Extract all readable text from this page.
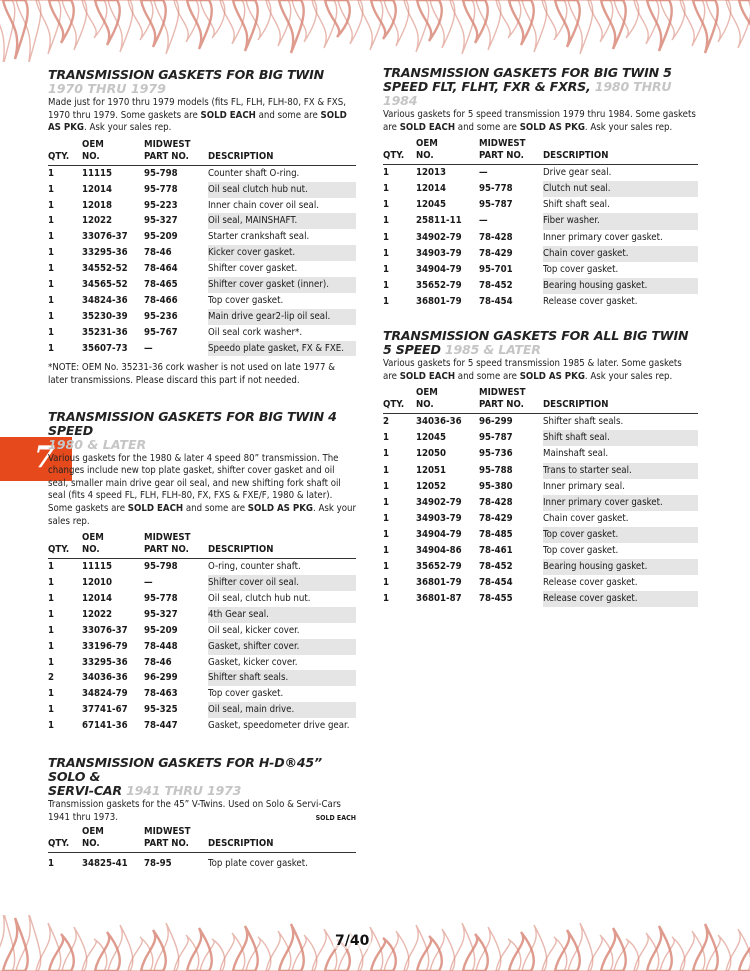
7
TRANSMISSION GASKETS FOR BIG TWIN
1970 THRU 1979
Made just for 1970 thru 1979 models (fits FL, FLH, FLH-80, FX & FXS, 1970 thru 1979. Some gaskets are SOLD EACH and some are SOLD AS PKG. Ask your sales rep.
QTY.
OEM
NO.
MIDWEST
PART NO.	DESCRIPTION
1	11115	95-798	Counter shaft O-ring.
1	12014	95-778	Oil seal clutch hub nut.
1	12018	95-223	Inner chain cover oil seal.
1	12022	95-327	Oil seal, MAINSHAFT.
1	33076-37	95-209	Starter crankshaft seal.
1	33295-36	78-46	Kicker cover gasket.
1	34552-52	78-464	Shifter cover gasket.
1	34565-52	78-465	Shifter cover gasket (inner).
1	34824-36	78-466	Top cover gasket.
1	35230-39	95-236	Main drive gear2-lip oil seal.
1	35231-36	95-767	Oil seal cork washer*.
1	35607-73	—	Speedo plate gasket, FX & FXE.
*NOTE: OEM No. 35231-36 cork washer is not used on late 1977 & later transmissions. Please discard this part if not needed.
TRANSMISSION GASKETS FOR BIG TWIN 4 SPEED
1980 & LATER
Various gaskets for the 1980 & later 4 speed 80” transmission. The changes include new top plate gasket, shifter cover gasket and oil seal, smaller main drive gear oil seal, and new shifting fork shaft oil seal (fits 4 speed FL, FLH, FLH-80, FX, FXS & FXE/F, 1980 & later). Some gaskets are SOLD EACH and some are SOLD AS PKG. Ask your sales rep.
QTY.
OEM
NO.
MIDWEST
PART NO.	DESCRIPTION
1	11115	95-798	O-ring, counter shaft.
1	12010	—	Shifter cover oil seal.
1	12014	95-778	Oil seal, clutch hub nut.
1	12022	95-327	4th Gear seal.
1	33076-37	95-209	Oil seal, kicker cover.
1	33196-79	78-448	Gasket, shifter cover.
1	33295-36	78-46	Gasket, kicker cover.
2	34036-36	96-299	Shifter shaft seals.
1	34824-79	78-463	Top cover gasket.
1	37741-67	95-325	Oil seal, main drive.
1	67141-36	78-447	Gasket, speedometer drive gear.
TRANSMISSION GASKETS FOR H-D®45” SOLO &
SERVI-CAR 1941 THRU 1973
Transmission gaskets for the 45” V-Twins. Used on Solo & Servi-Cars 1941 thru 1973.	SOLD EACH
QTY.
OEM
NO.
MIDWEST
PART NO.	DESCRIPTION
1	34825-41	78-95	Top plate cover gasket.
TRANSMISSION GASKETS FOR BIG TWIN 5
SPEED FLT, FLHT, FXR & FXRS, 1980 THRU 1984
Various gaskets for 5 speed transmission 1979 thru 1984. Some gaskets are SOLD EACH and some are SOLD AS PKG. Ask your sales rep.
QTY.
OEM
NO.
MIDWEST
PART NO.	DESCRIPTION
1	12013	—	Drive gear seal.
1	12014	95-778	Clutch nut seal.
1	12045	95-787	Shift shaft seal.
1	25811-11	—	Fiber washer.
1	34902-79	78-428	Inner primary cover gasket.
1	34903-79	78-429	Chain cover gasket.
1	34904-79	95-701	Top cover gasket.
1	35652-79	78-452	Bearing housing gasket.
1	36801-79	78-454	Release cover gasket.
TRANSMISSION GASKETS FOR ALL BIG TWIN
5 SPEED 1985 & LATER
Various gaskets for 5 speed transmission 1985 & later. Some gaskets are SOLD EACH and some are SOLD AS PKG. Ask your sales rep.
QTY.
OEM
NO.
MIDWEST
PART NO.	DESCRIPTION
2	34036-36	96-299	Shifter shaft seals.
1	12045	95-787	Shift shaft seal.
1	12050	95-736	Mainshaft seal.
1	12051	95-788	Trans to starter seal.
1	12052	95-380	Inner primary seal.
1	34902-79	78-428	Inner primary cover gasket.
1	34903-79	78-429	Chain cover gasket.
1	34904-79	78-485	Top cover gasket.
1	34904-86	78-461	Top cover gasket.
1	35652-79	78-452	Bearing housing gasket.
1	36801-79	78-454	Release cover gasket.
1	36801-87	78-455	Release cover gasket.
7/40
